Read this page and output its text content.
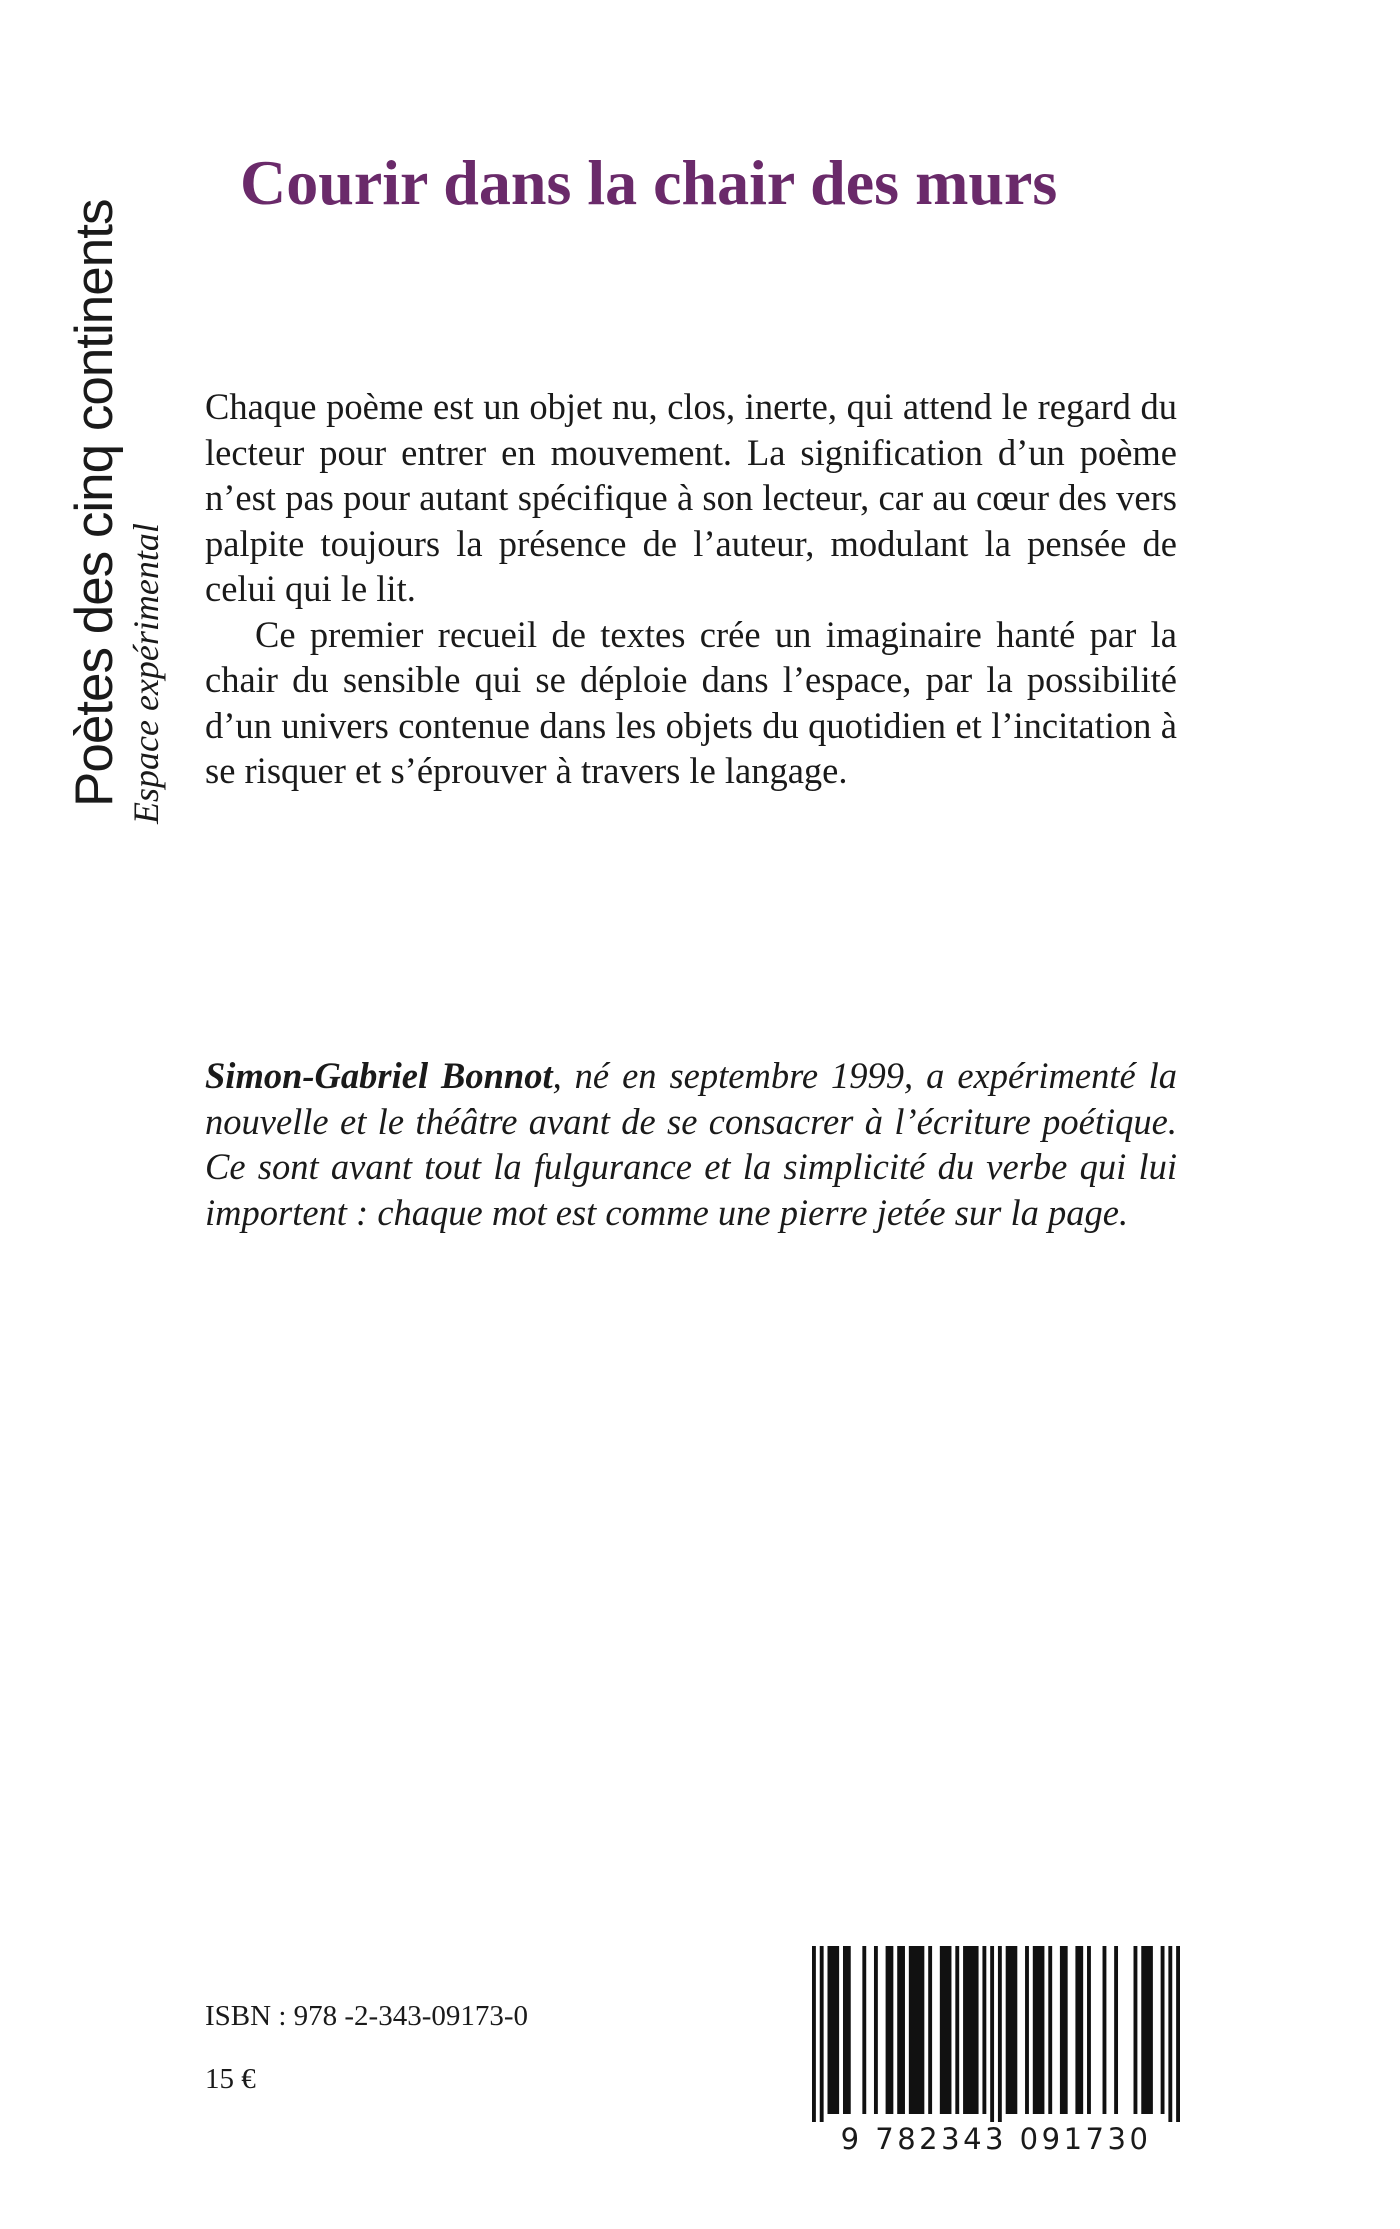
Poètes des cinq continents Espace expérimental
Courir dans la chair des murs

Chaque poème est un objet nu, clos, inerte, qui attend le regard du lecteur pour entrer en mouvement. La signification d’un poème n’est pas pour autant spécifique à son lecteur, car au cœur des vers palpite toujours la présence de l’auteur, modulant la pensée de celui qui le lit.

Ce premier recueil de textes crée un imaginaire hanté par la chair du sensible qui se déploie dans l’espace, par la possibilité d’un univers contenue dans les objets du quotidien et l’incitation à se risquer et s’éprouver à travers le langage.

Simon-Gabriel Bonnot, né en septembre 1999, a expérimenté la nouvelle et le théâtre avant de se consacrer à l’écriture poétique. Ce sont avant tout la fulgurance et la simplicité du verbe qui lui importent : chaque mot est comme une pierre jetée sur la page.
ISBN : 978 -2-343-09173-0
15 €
9 782343 091730
